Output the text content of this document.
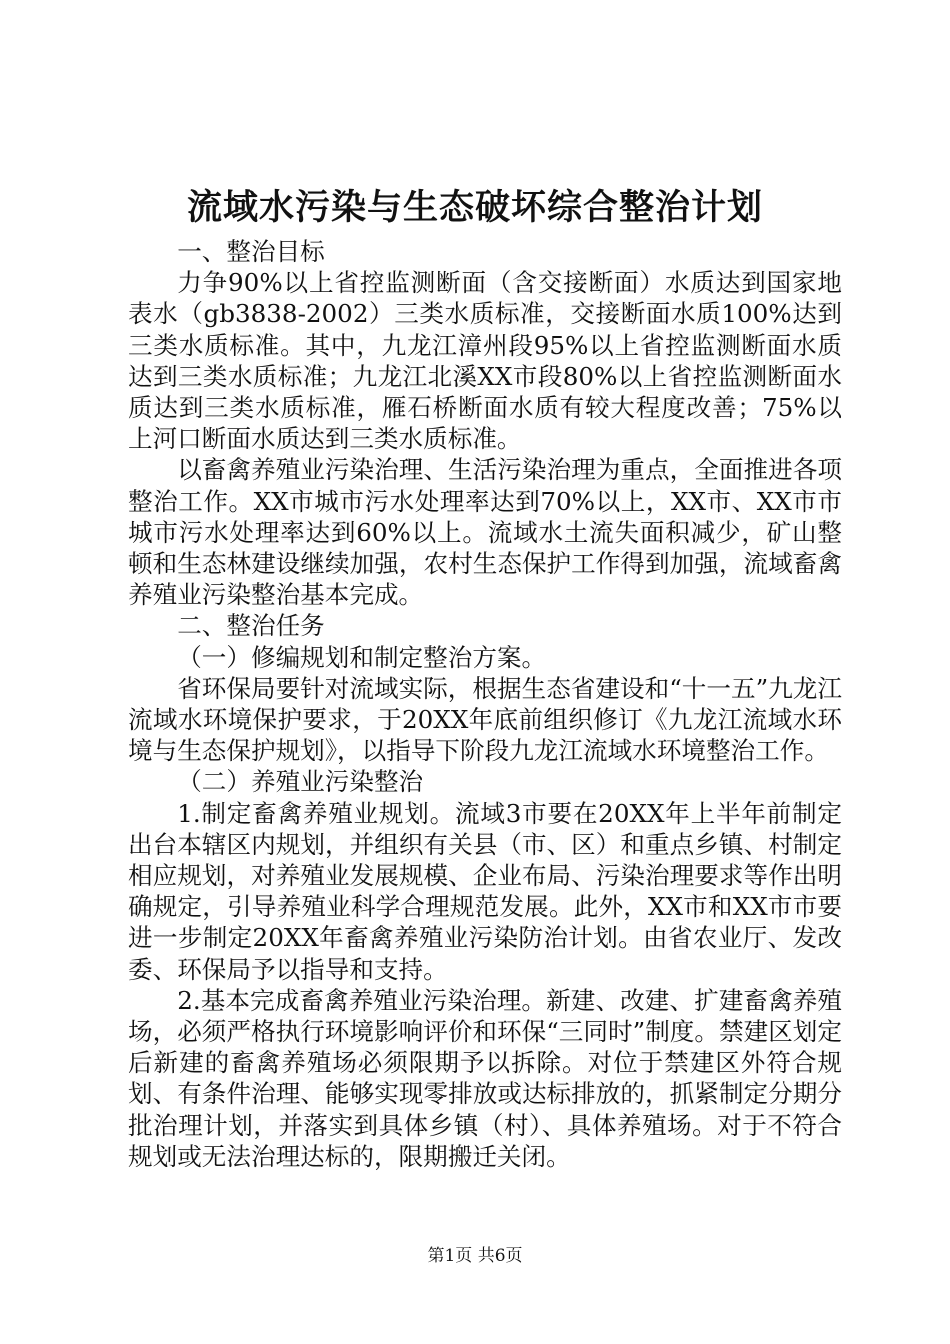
流域水污染与生态破坏综合整治计划

一、整治目标

力争90%以上省控监测断面（含交接断面）水质达到国家地表水（gb3838-2002）三类水质标准，交接断面水质100%达到三类水质标准。其中，九龙江漳州段95%以上省控监测断面水质达到三类水质标准；九龙江北溪XX市段80%以上省控监测断面水质达到三类水质标准，雁石桥断面水质有较大程度改善；75%以上河口断面水质达到三类水质标准。

以畜禽养殖业污染治理、生活污染治理为重点，全面推进各项整治工作。XX市城市污水处理率达到70%以上，XX市、XX市市城市污水处理率达到60%以上。流域水土流失面积减少，矿山整顿和生态林建设继续加强，农村生态保护工作得到加强，流域畜禽养殖业污染整治基本完成。

二、整治任务

（一）修编规划和制定整治方案。

省环保局要针对流域实际，根据生态省建设和“十一五”九龙江流域水环境保护要求，于20XX年底前组织修订《九龙江流域水环境与生态保护规划》，以指导下阶段九龙江流域水环境整治工作。

（二）养殖业污染整治

1.制定畜禽养殖业规划。流域3市要在20XX年上半年前制定出台本辖区内规划，并组织有关县（市、区）和重点乡镇、村制定相应规划，对养殖业发展规模、企业布局、污染治理要求等作出明确规定，引导养殖业科学合理规范发展。此外，XX市和XX市市要进一步制定20XX年畜禽养殖业污染防治计划。由省农业厅、发改委、环保局予以指导和支持。

2.基本完成畜禽养殖业污染治理。新建、改建、扩建畜禽养殖场，必须严格执行环境影响评价和环保“三同时”制度。禁建区划定后新建的畜禽养殖场必须限期予以拆除。对位于禁建区外符合规划、有条件治理、能够实现零排放或达标排放的，抓紧制定分期分批治理计划，并落实到具体乡镇（村）、具体养殖场。对于不符合规划或无法治理达标的，限期搬迁关闭。

第1页 共6页
